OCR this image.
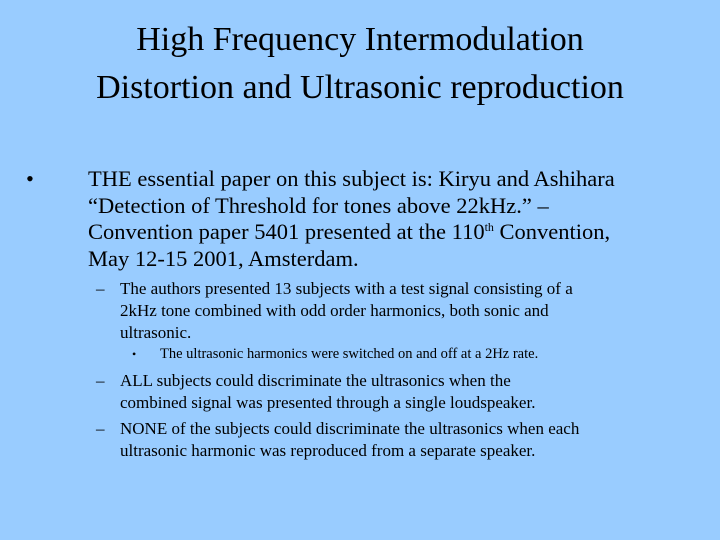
High Frequency Intermodulation
Distortion and Ultrasonic reproduction
• THE essential paper on this subject is: Kiryu and Ashihara
“Detection of Threshold for tones above 22kHz.” –
Convention paper 5401 presented at the 110th Convention,
May 12-15 2001, Amsterdam.
– The authors presented 13 subjects with a test signal consisting of a
2kHz tone combined with odd order harmonics, both sonic and
ultrasonic.
• The ultrasonic harmonics were switched on and off at a 2Hz rate.
– ALL subjects could discriminate the ultrasonics when the
combined signal was presented through a single loudspeaker.
– NONE of the subjects could discriminate the ultrasonics when each
ultrasonic harmonic was reproduced from a separate speaker.
